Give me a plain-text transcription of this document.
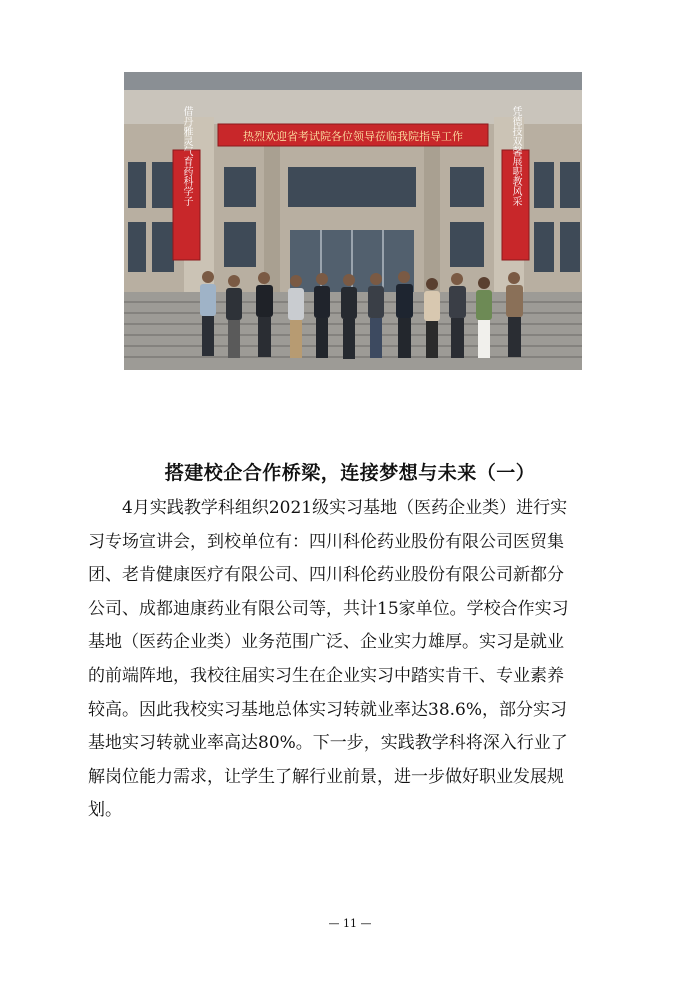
热烈欢迎省考试院各位领导莅临我院指导工作
借丹雅灵气育药科学子	凭德技双馨展职教风采
搭建校企合作桥梁，连接梦想与未来（一）

4月实践教学科组织2021级实习基地（医药企业类）进行实

习专场宣讲会，到校单位有：四川科伦药业股份有限公司医贸集

团、老肯健康医疗有限公司、四川科伦药业股份有限公司新都分

公司、成都迪康药业有限公司等，共计15家单位。学校合作实习

基地（医药企业类）业务范围广泛、企业实力雄厚。实习是就业

的前端阵地，我校往届实习生在企业实习中踏实肯干、专业素养

较高。因此我校实习基地总体实习转就业率达38.6%，部分实习

基地实习转就业率高达80%。下一步，实践教学科将深入行业了

解岗位能力需求，让学生了解行业前景，进一步做好职业发展规

划。

— 11 —
